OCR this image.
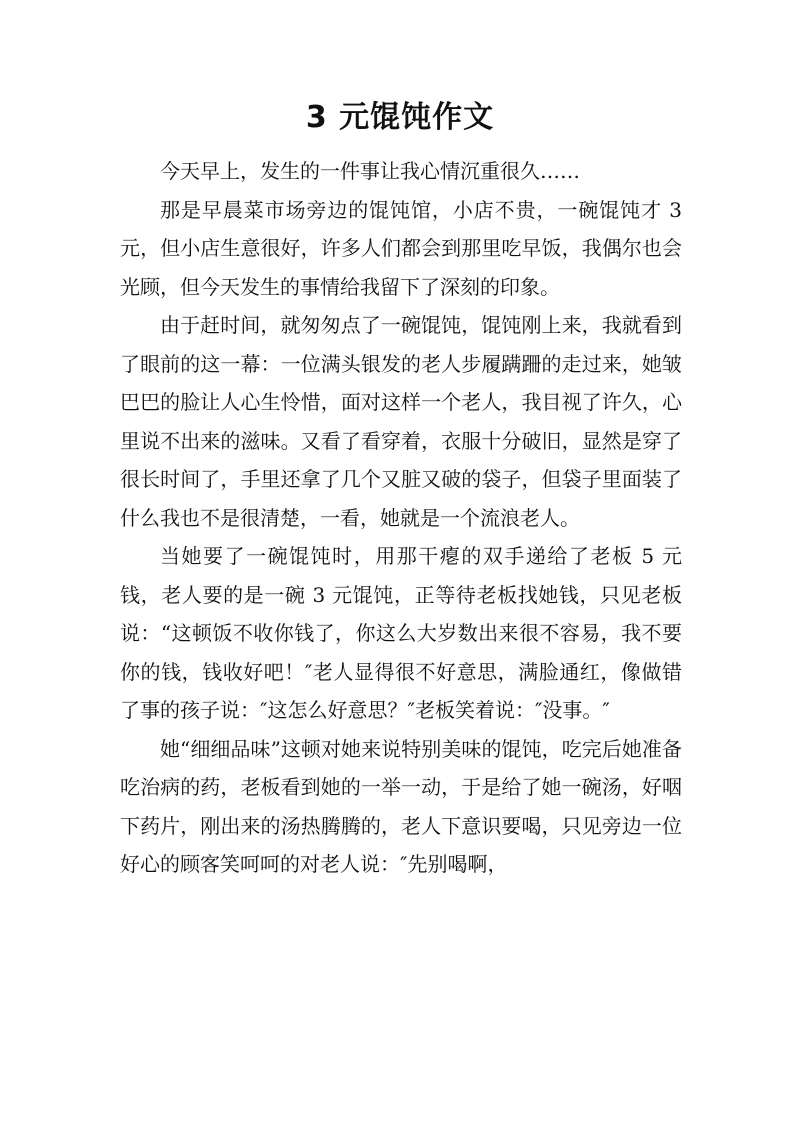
3 元馄饨作文

今天早上，发生的一件事让我心情沉重很久……

那是早晨菜市场旁边的馄饨馆，小店不贵，一碗馄饨才 3 元，但小店生意很好，许多人们都会到那里吃早饭，我偶尔也会光顾，但今天发生的事情给我留下了深刻的印象。

由于赶时间，就匆匆点了一碗馄饨，馄饨刚上来，我就看到了眼前的这一幕：一位满头银发的老人步履蹒跚的走过来，她皱巴巴的脸让人心生怜惜，面对这样一个老人，我目视了许久，心里说不出来的滋味。又看了看穿着，衣服十分破旧，显然是穿了很长时间了，手里还拿了几个又脏又破的袋子，但袋子里面装了什么我也不是很清楚，一看，她就是一个流浪老人。

当她要了一碗馄饨时，用那干瘪的双手递给了老板 5 元钱，老人要的是一碗 3 元馄饨，正等待老板找她钱，只见老板说：“这顿饭不收你钱了，你这么大岁数出来很不容易，我不要你的钱，钱收好吧！″老人显得很不好意思，满脸通红，像做错了事的孩子说：″这怎么好意思？″老板笑着说：″没事。″

她“细细品味”这顿对她来说特别美味的馄饨，吃完后她准备吃治病的药，老板看到她的一举一动，于是给了她一碗汤，好咽下药片，刚出来的汤热腾腾的，老人下意识要喝，只见旁边一位好心的顾客笑呵呵的对老人说：″先别喝啊，
